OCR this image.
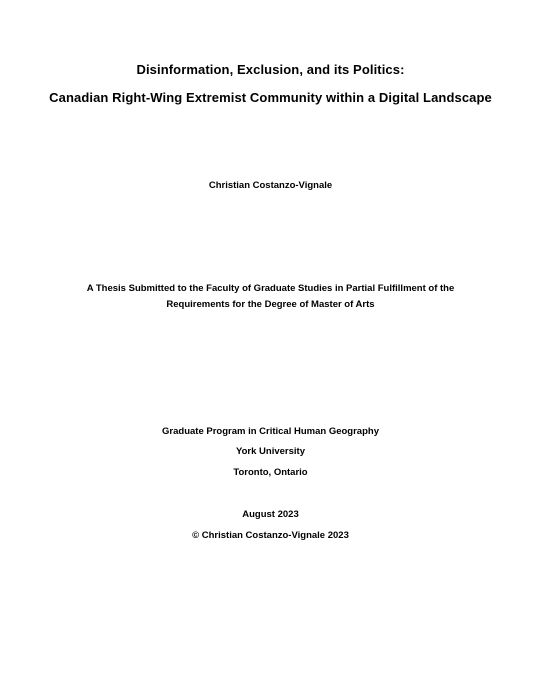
Disinformation, Exclusion, and its Politics:
Canadian Right-Wing Extremist Community within a Digital Landscape
Christian Costanzo-Vignale
A Thesis Submitted to the Faculty of Graduate Studies in Partial Fulfillment of the
Requirements for the Degree of Master of Arts
Graduate Program in Critical Human Geography
York University
Toronto, Ontario
August 2023
© Christian Costanzo-Vignale 2023
